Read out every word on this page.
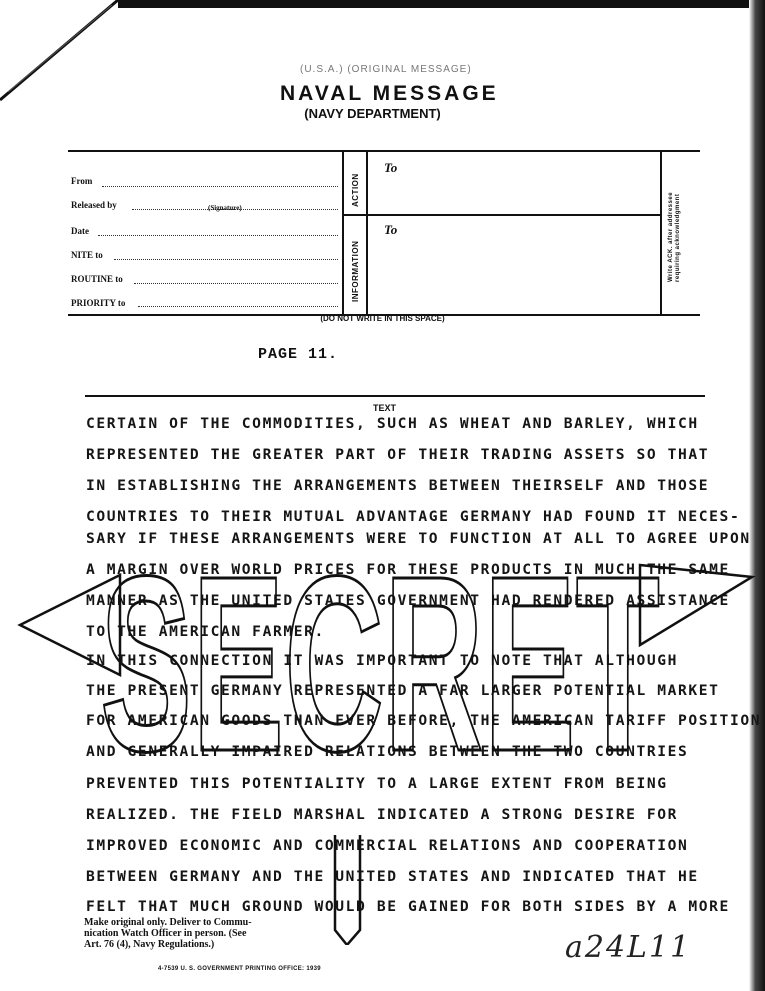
(U.S.A.) (ORIGINAL MESSAGE)
NAVAL MESSAGE
(NAVY DEPARTMENT)
From
Released by	(Signature)
Date
NITE to
ROUTINE to
PRIORITY to
ACTION
INFORMATION
To
To	Write ACK. after addressee requiring acknowledgment
(DO NOT WRITE IN THIS SPACE)
PAGE 11.
TEXT
CERTAIN OF THE COMMODITIES, SUCH AS WHEAT AND BARLEY, WHICH
REPRESENTED THE GREATER PART OF THEIR TRADING ASSETS SO THAT
IN ESTABLISHING THE ARRANGEMENTS BETWEEN THEIRSELF AND THOSE
COUNTRIES TO THEIR MUTUAL ADVANTAGE GERMANY HAD FOUND IT NECES-
SARY IF THESE ARRANGEMENTS WERE TO FUNCTION AT ALL TO AGREE UPON
A MARGIN OVER WORLD PRICES FOR THESE PRODUCTS IN MUCH THE SAME
MANNER AS THE UNITED STATES GOVERNMENT HAD RENDERED ASSISTANCE
TO THE AMERICAN FARMER.
IN THIS CONNECTION IT WAS IMPORTANT TO NOTE THAT ALTHOUGH
THE PRESENT GERMANY REPRESENTED A FAR LARGER POTENTIAL MARKET
FOR AMERICAN GOODS THAN EVER BEFORE, THE AMERICAN TARIFF POSITION
AND GENERALLY IMPAIRED RELATIONS BETWEEN THE TWO COUNTRIES
PREVENTED THIS POTENTIALITY TO A LARGE EXTENT FROM BEING
REALIZED. THE FIELD MARSHAL INDICATED A STRONG DESIRE FOR
IMPROVED ECONOMIC AND COMMERCIAL RELATIONS AND COOPERATION
BETWEEN GERMANY AND THE UNITED STATES AND INDICATED THAT HE
FELT THAT MUCH GROUND WOULD BE GAINED FOR BOTH SIDES BY A MORE
SECRET
Make original only. Deliver to Commu-
nication Watch Officer in person. (See
Art. 76 (4), Navy Regulations.)
4-7539 U. S. GOVERNMENT PRINTING OFFICE: 1939
a24L11
